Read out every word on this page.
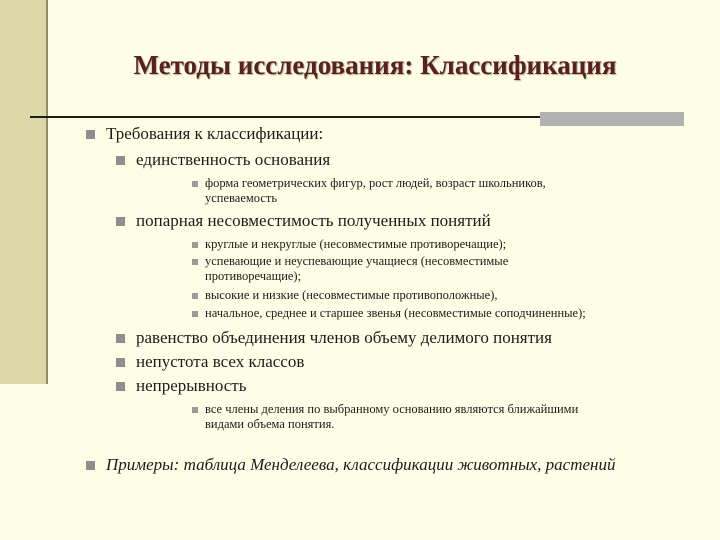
Методы исследования: Классификация
Требования к классификации:
единственность основания
форма геометрических фигур, рост людей, возраст школьников,
успеваемость
попарная несовместимость полученных понятий
круглые и некруглые (несовместимые противоречащие);
успевающие и неуспевающие учащиеся (несовместимые
противоречащие);
высокие и низкие (несовместимые противоположные),
начальное, среднее и старшее звенья (несовместимые соподчиненные);
равенство объединения членов объему делимого понятия
непустота всех классов
непрерывность
все члены деления по выбранному основанию являются ближайшими
видами объема понятия.
Примеры: таблица Менделеева, классификации животных, растений
